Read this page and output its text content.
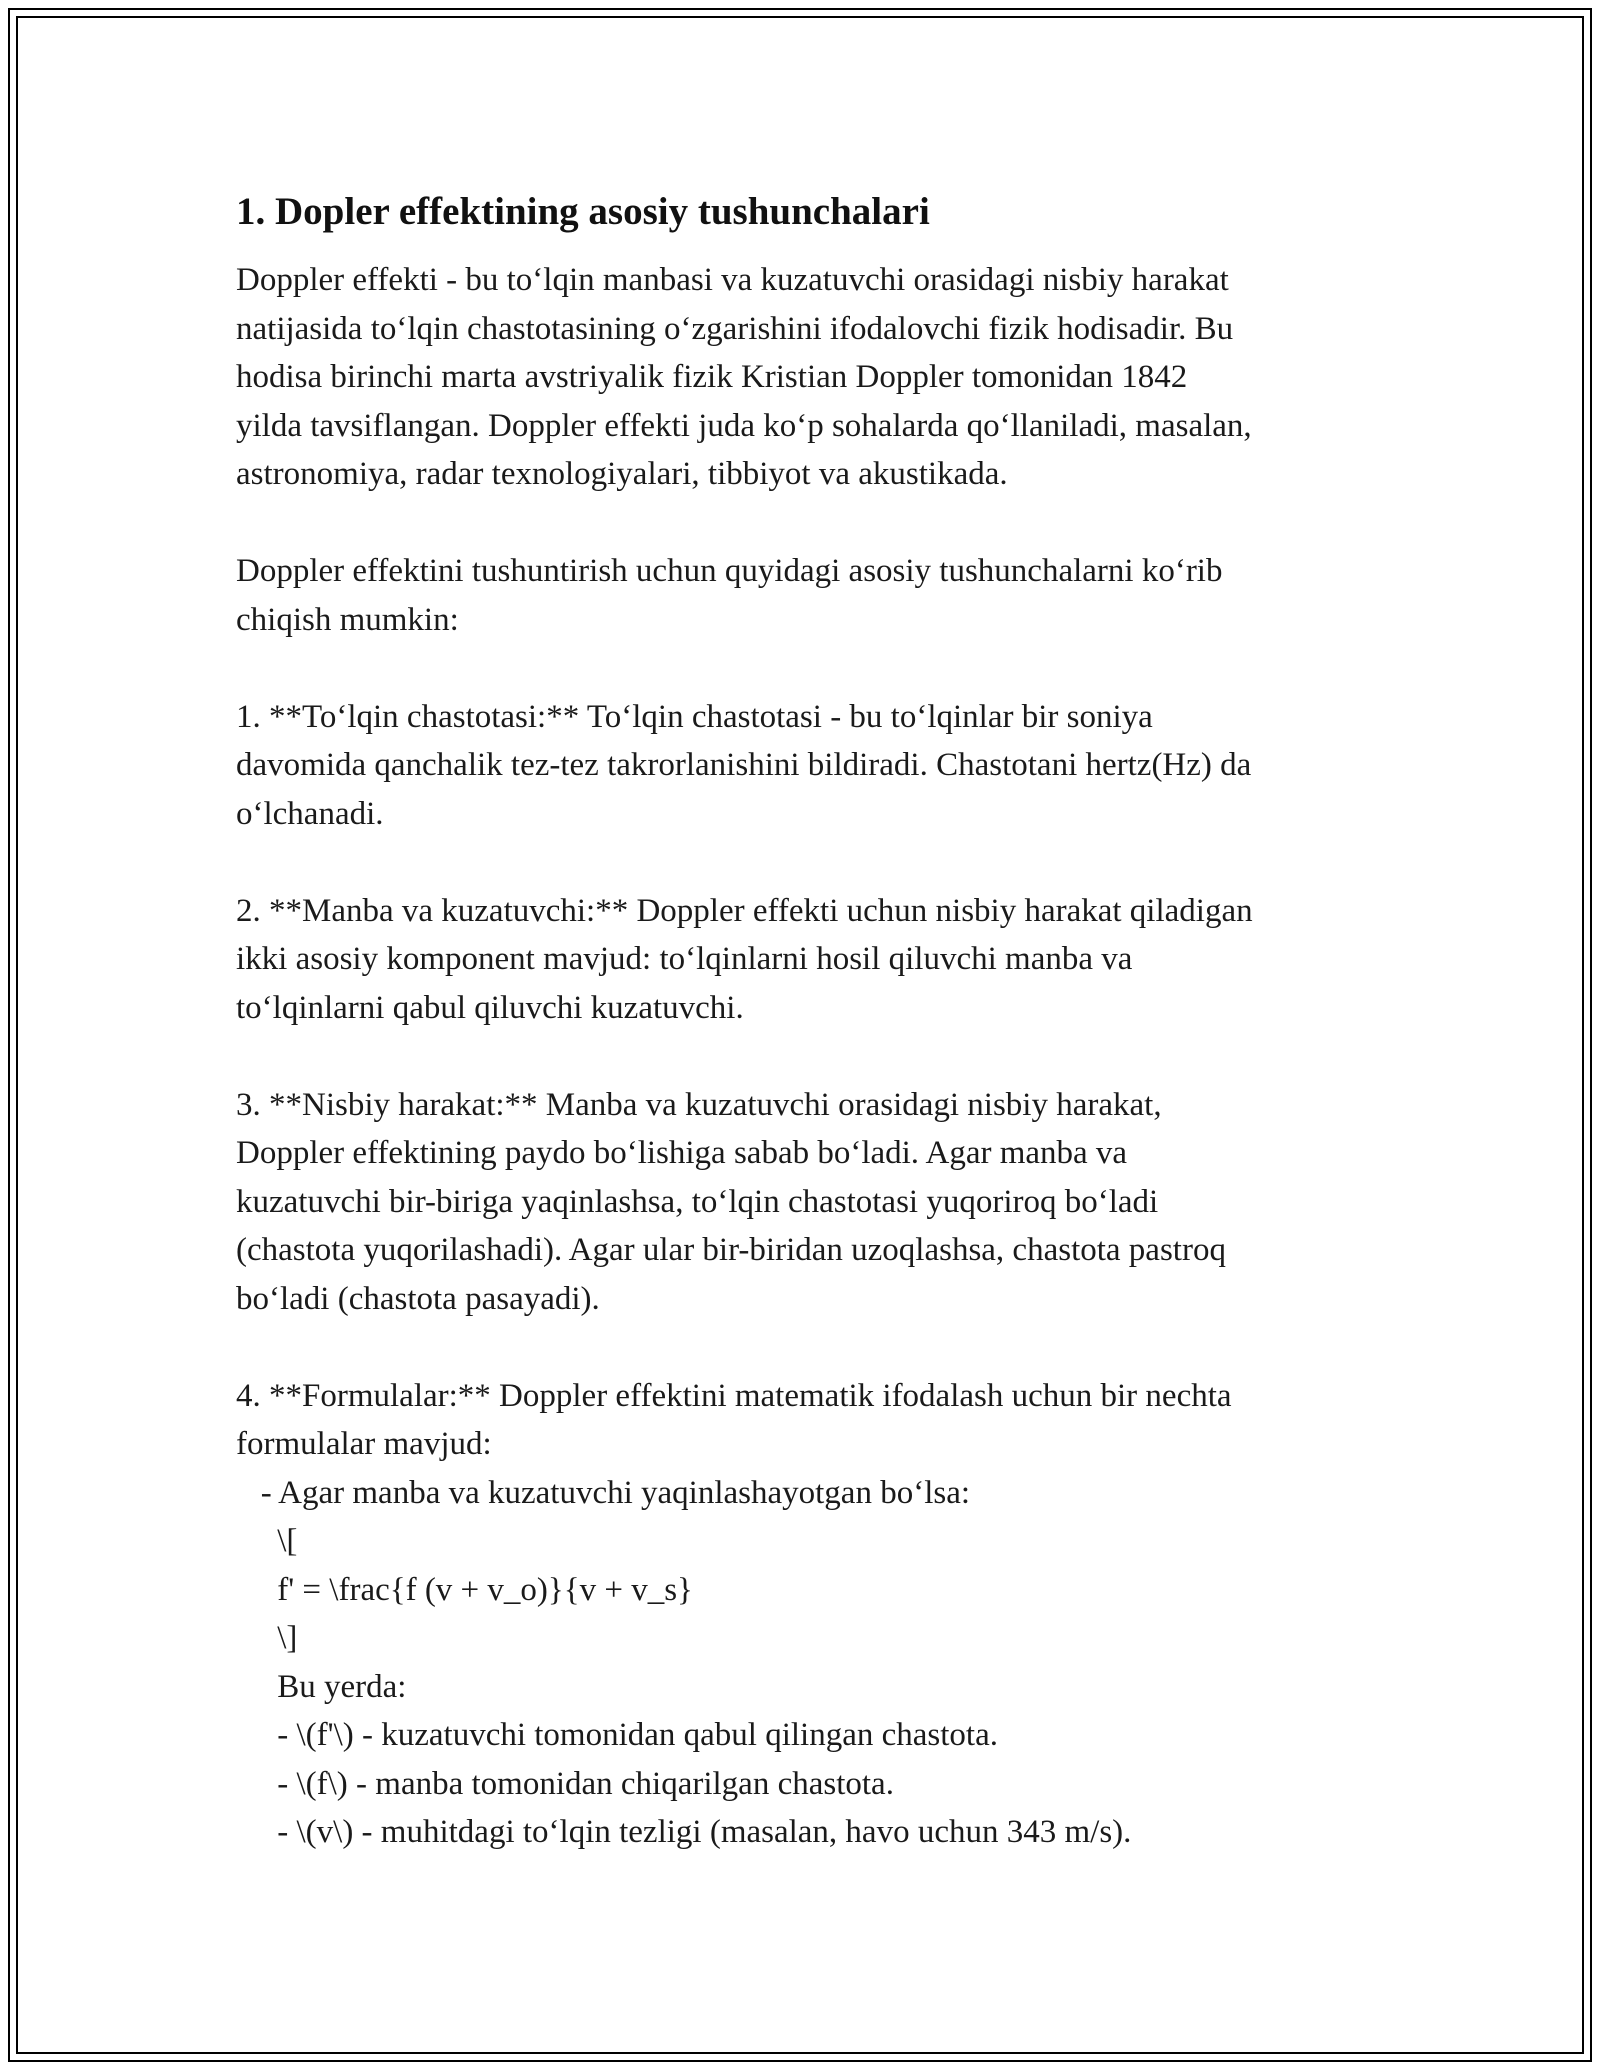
1. Dopler effektining asosiy tushunchalari
Doppler effekti - bu to‘lqin manbasi va kuzatuvchi orasidagi nisbiy harakat
natijasida to‘lqin chastotasining o‘zgarishini ifodalovchi fizik hodisadir. Bu
hodisa birinchi marta avstriyalik fizik Kristian Doppler tomonidan 1842
yilda tavsiflangan. Doppler effekti juda ko‘p sohalarda qo‘llaniladi, masalan,
astronomiya, radar texnologiyalari, tibbiyot va akustikada.
Doppler effektini tushuntirish uchun quyidagi asosiy tushunchalarni ko‘rib
chiqish mumkin:
1. **To‘lqin chastotasi:** To‘lqin chastotasi - bu to‘lqinlar bir soniya
davomida qanchalik tez-tez takrorlanishini bildiradi. Chastotani hertz(Hz) da
o‘lchanadi.
2. **Manba va kuzatuvchi:** Doppler effekti uchun nisbiy harakat qiladigan
ikki asosiy komponent mavjud: to‘lqinlarni hosil qiluvchi manba va
to‘lqinlarni qabul qiluvchi kuzatuvchi.
3. **Nisbiy harakat:** Manba va kuzatuvchi orasidagi nisbiy harakat,
Doppler effektining paydo bo‘lishiga sabab bo‘ladi. Agar manba va
kuzatuvchi bir-biriga yaqinlashsa, to‘lqin chastotasi yuqoriroq bo‘ladi
(chastota yuqorilashadi). Agar ular bir-biridan uzoqlashsa, chastota pastroq
bo‘ladi (chastota pasayadi).
4. **Formulalar:** Doppler effektini matematik ifodalash uchun bir nechta
formulalar mavjud:
- Agar manba va kuzatuvchi yaqinlashayotgan bo‘lsa:
\[
f' = \frac{f (v + v_o)}{v + v_s}
\]
Bu yerda:
- \(f'\) - kuzatuvchi tomonidan qabul qilingan chastota.
- \(f\) - manba tomonidan chiqarilgan chastota.
- \(v\) - muhitdagi to‘lqin tezligi (masalan, havo uchun 343 m/s).
